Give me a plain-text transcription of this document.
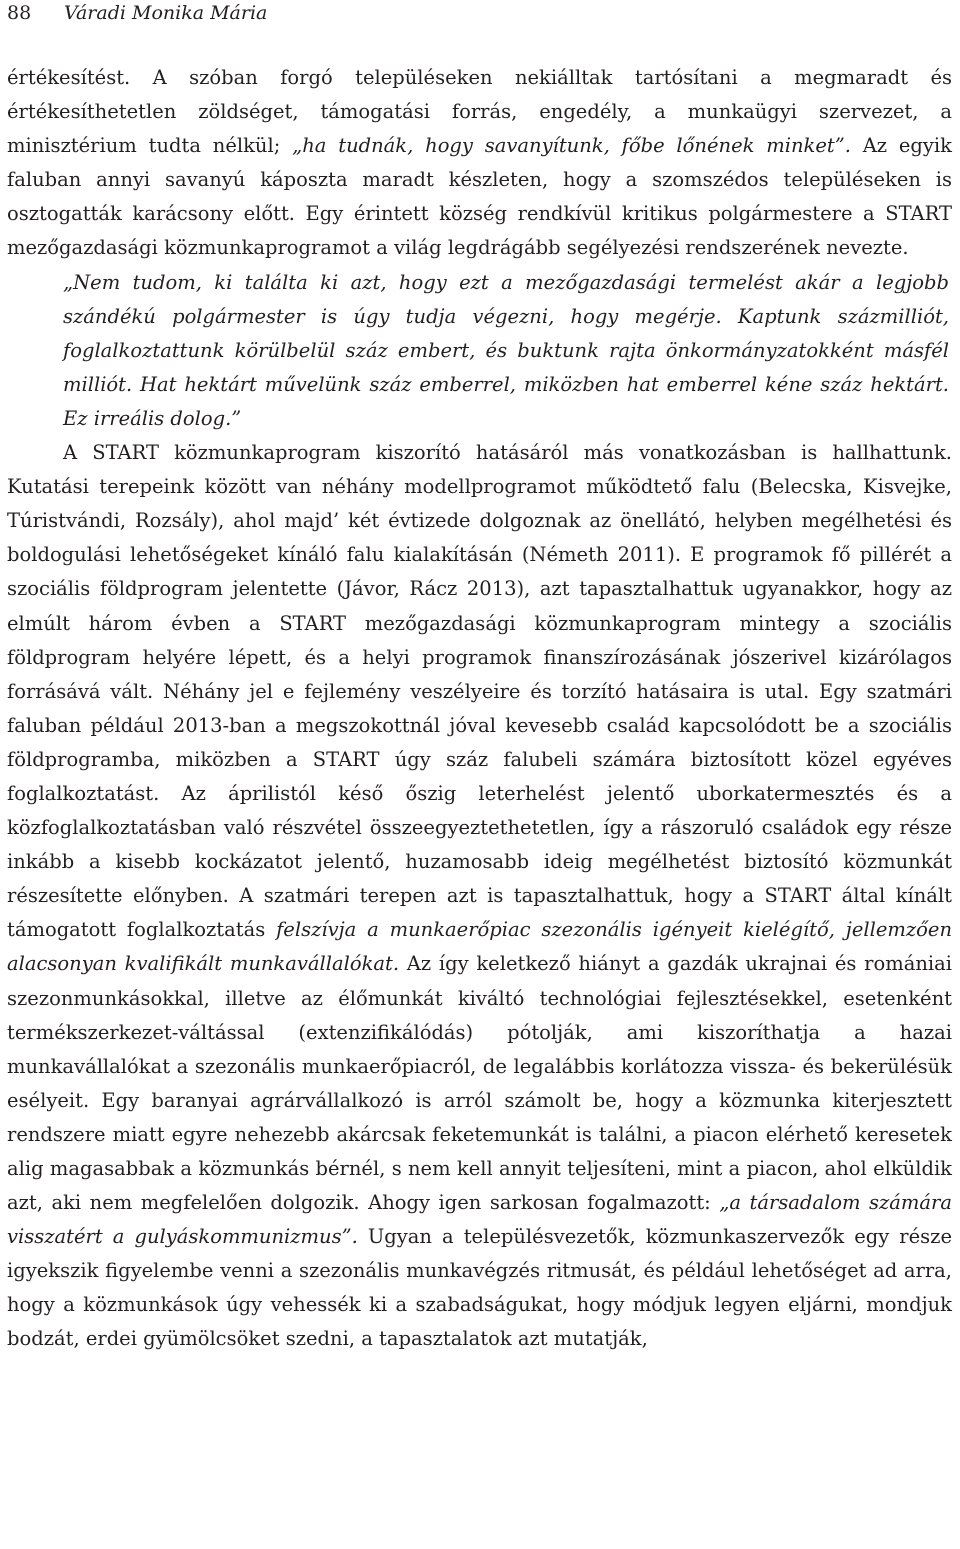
88 Váradi Monika Mária

értékesítést. A szóban forgó településeken nekiálltak tartósítani a megmaradt és értékesíthetetlen zöldséget, támogatási forrás, engedély, a munkaügyi szervezet, a minisztérium tudta nélkül; „ha tudnák, hogy savanyítunk, főbe lőnének minket”. Az egyik faluban annyi savanyú káposzta maradt készleten, hogy a szomszédos településeken is osztogatták karácsony előtt. Egy érintett község rendkívül kritikus polgármestere a START mezőgazdasági közmunkaprogramot a világ legdrágább segélyezési rendszerének nevezte.

„Nem tudom, ki találta ki azt, hogy ezt a mezőgazdasági termelést akár a legjobb szándékú polgármester is úgy tudja végezni, hogy megérje. Kaptunk százmilliót, foglalkoztattunk körülbelül száz embert, és buktunk rajta önkormányzatokként másfél milliót. Hat hektárt művelünk száz emberrel, miközben hat emberrel kéne száz hektárt. Ez irreális dolog.”

A START közmunkaprogram kiszorító hatásáról más vonatkozásban is hallhattunk. Kutatási terepeink között van néhány modellprogramot működtető falu (Belecska, Kisvejke, Túristvándi, Rozsály), ahol majd’ két évtizede dolgoznak az önellátó, helyben megélhetési és boldogulási lehetőségeket kínáló falu kialakításán (Németh 2011). E programok fő pillérét a szociális földprogram jelentette (Jávor, Rácz 2013), azt tapasztalhattuk ugyanakkor, hogy az elmúlt három évben a START mezőgazdasági közmunkaprogram mintegy a szociális földprogram helyére lépett, és a helyi programok finanszírozásának jószerivel kizárólagos forrásává vált. Néhány jel e fejlemény veszélyeire és torzító hatásaira is utal. Egy szatmári faluban például 2013-ban a megszokottnál jóval kevesebb család kapcsolódott be a szociális földprogramba, miközben a START úgy száz falubeli számára biztosított közel egyéves foglalkoztatást. Az áprilistól késő őszig leterhelést jelentő uborkatermesztés és a közfoglalkoztatásban való részvétel összeegyeztethetetlen, így a rászoruló családok egy része inkább a kisebb kockázatot jelentő, huzamosabb ideig megélhetést biztosító közmunkát részesítette előnyben. A szatmári terepen azt is tapasztalhattuk, hogy a START által kínált támogatott foglalkoztatás felszívja a munkaerőpiac szezonális igényeit kielégítő, jellemzően alacsonyan kvalifikált munkavállalókat. Az így keletkező hiányt a gazdák ukrajnai és romániai szezonmunkásokkal, illetve az élőmunkát kiváltó technológiai fejlesztésekkel, esetenként termékszerkezet-váltással (extenzifikálódás) pótolják, ami kiszoríthatja a hazai munkavállalókat a szezonális munkaerőpiacról, de legalábbis korlátozza vissza- és bekerülésük esélyeit. Egy baranyai agrárvállalkozó is arról számolt be, hogy a közmunka kiterjesztett rendszere miatt egyre nehezebb akárcsak feketemunkát is találni, a piacon elérhető keresetek alig magasabbak a közmunkás bérnél, s nem kell annyit teljesíteni, mint a piacon, ahol elküldik azt, aki nem megfelelően dolgozik. Ahogy igen sarkosan fogalmazott: „a társadalom számára visszatért a gulyáskommunizmus”. Ugyan a településvezetők, közmunkaszervezők egy része igyekszik figyelembe venni a szezonális munkavégzés ritmusát, és például lehetőséget ad arra, hogy a közmunkások úgy vehessék ki a szabadságukat, hogy módjuk legyen eljárni, mondjuk bodzát, erdei gyümölcsöket szedni, a tapasztalatok azt mutatják,
